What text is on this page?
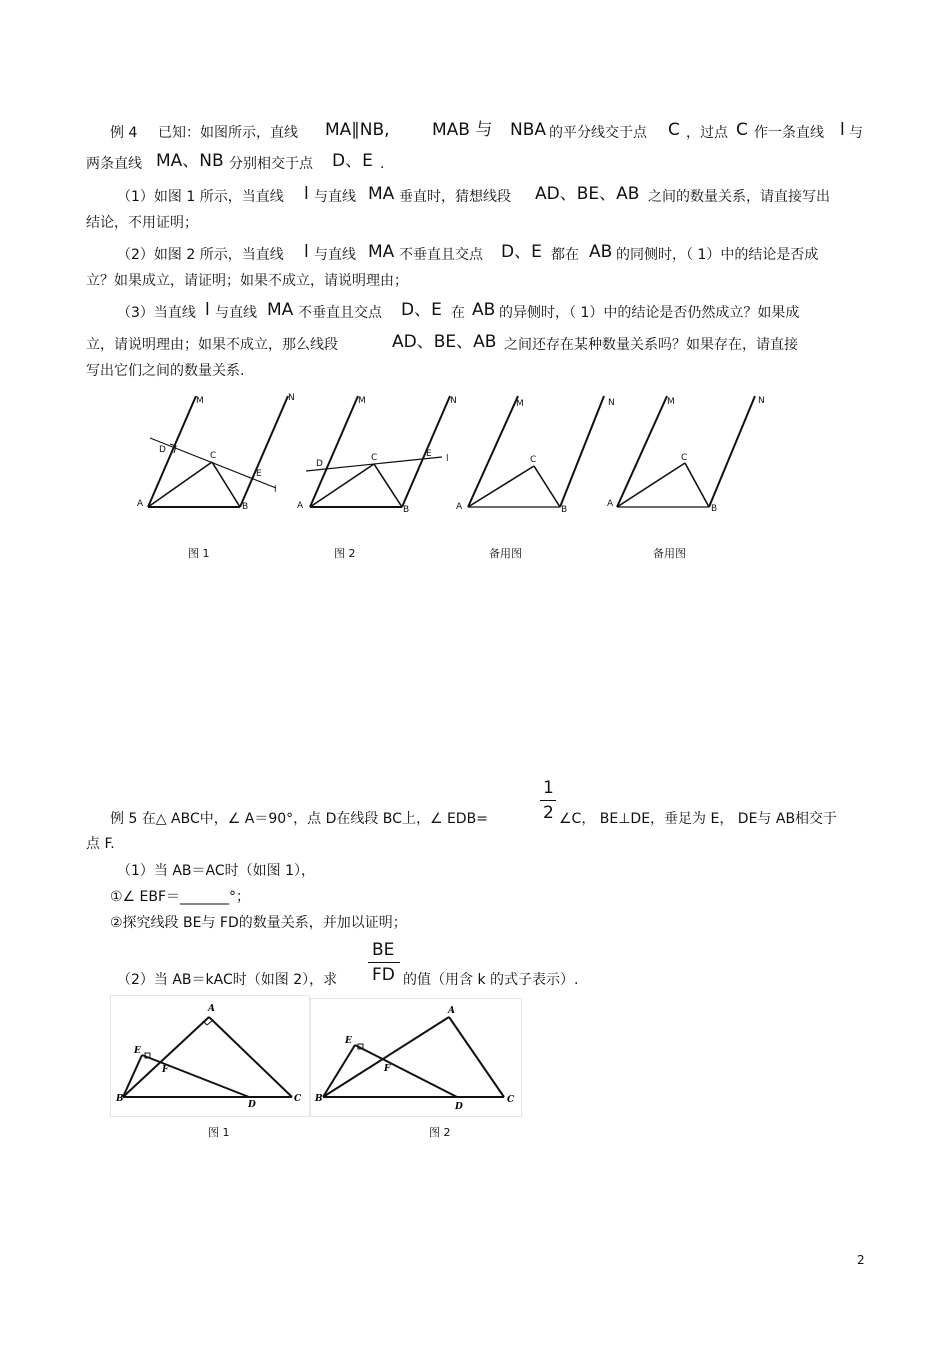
例 4 已知：如图所示，直线 MA∥NB, MAB 与 NBA 的平分线交于点 C ，过点 C 作一条直线 l 与
两条直线 MA、NB 分别相交于点 D、E .
（1）如图 1 所示，当直线 l 与直线 MA 垂直时，猜想线段 AD、BE、AB 之间的数量关系，请直接写出
结论，不用证明；
（2）如图 2 所示，当直线 l 与直线 MA 不垂直且交点 D、E 都在 AB 的同侧时，（ 1）中的结论是否成
立？如果成立，请证明；如果不成立，请说明理由；
（3）当直线 l 与直线 MA 不垂直且交点 D、E 在 AB 的异侧时，（ 1）中的结论是否仍然成立？如果成
立，请说明理由；如果不成立，那么线段	AD、BE、AB 之间还存在某种数量关系吗？如果存在，请直接
写出它们之间的数量关系.
M	N
D
C
E
l
A	B
图 1
M	N
D
C	E l
A	B
图 2
M	N
C
A	B
备用图
M	N
C
A	B
备用图
1
2
例 5 在△ ABC中，∠ A＝90°，点 D在线段 BC上，∠ EDB=	∠C， BE⊥DE，垂足为 E， DE与 AB相交于
点 F.
（1）当 AB＝AC时（如图 1），
①∠ EBF＝_______°；
②探究线段 BE与 FD的数量关系，并加以证明；
BE
FD
（2）当 AB＝kAC时（如图 2），求	的值（用含 k 的式子表示）.
A
E
F
B
D
C
图 1
A
E
F
B
D
C
图 2
2
